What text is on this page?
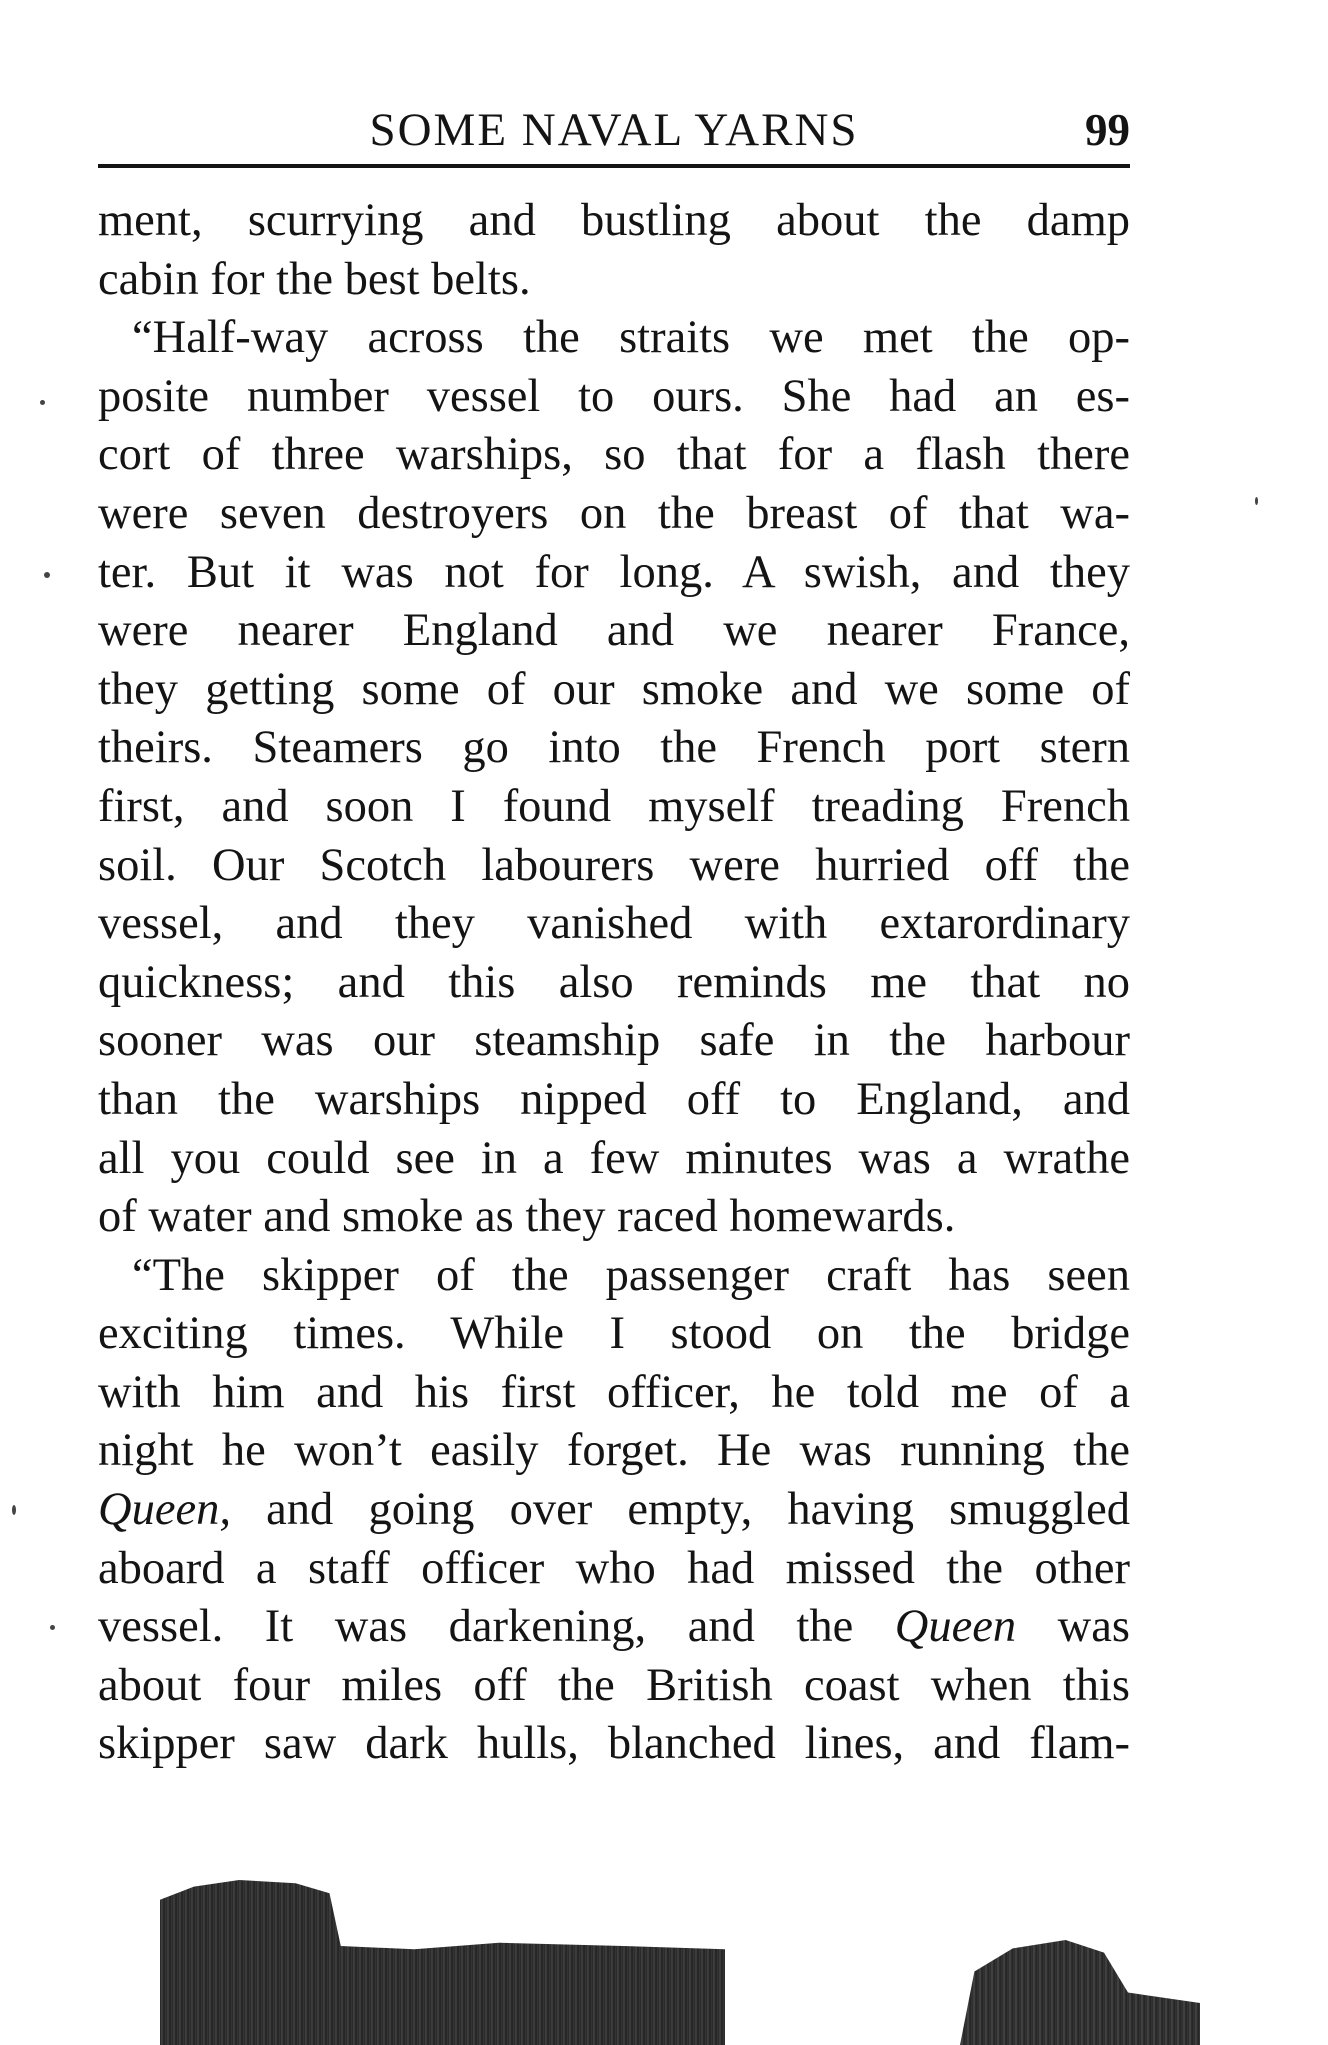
SOME NAVAL YARNS	99
ment, scurrying and bustling about the damp
cabin for the best belts.
“Half-way across the straits we met the op-
posite number vessel to ours. She had an es-
cort of three warships, so that for a flash there
were seven destroyers on the breast of that wa-
ter. But it was not for long. A swish, and they
were nearer England and we nearer France,
they getting some of our smoke and we some of
theirs. Steamers go into the French port stern
first, and soon I found myself treading French
soil. Our Scotch labourers were hurried off the
vessel, and they vanished with extarordinary
quickness; and this also reminds me that no
sooner was our steamship safe in the harbour
than the warships nipped off to England, and
all you could see in a few minutes was a wrathe
of water and smoke as they raced homewards.
“The skipper of the passenger craft has seen
exciting times. While I stood on the bridge
with him and his first officer, he told me of a
night he won’t easily forget. He was running the
Queen, and going over empty, having smuggled
aboard a staff officer who had missed the other
vessel. It was darkening, and the Queen was
about four miles off the British coast when this
skipper saw dark hulls, blanched lines, and flam-
